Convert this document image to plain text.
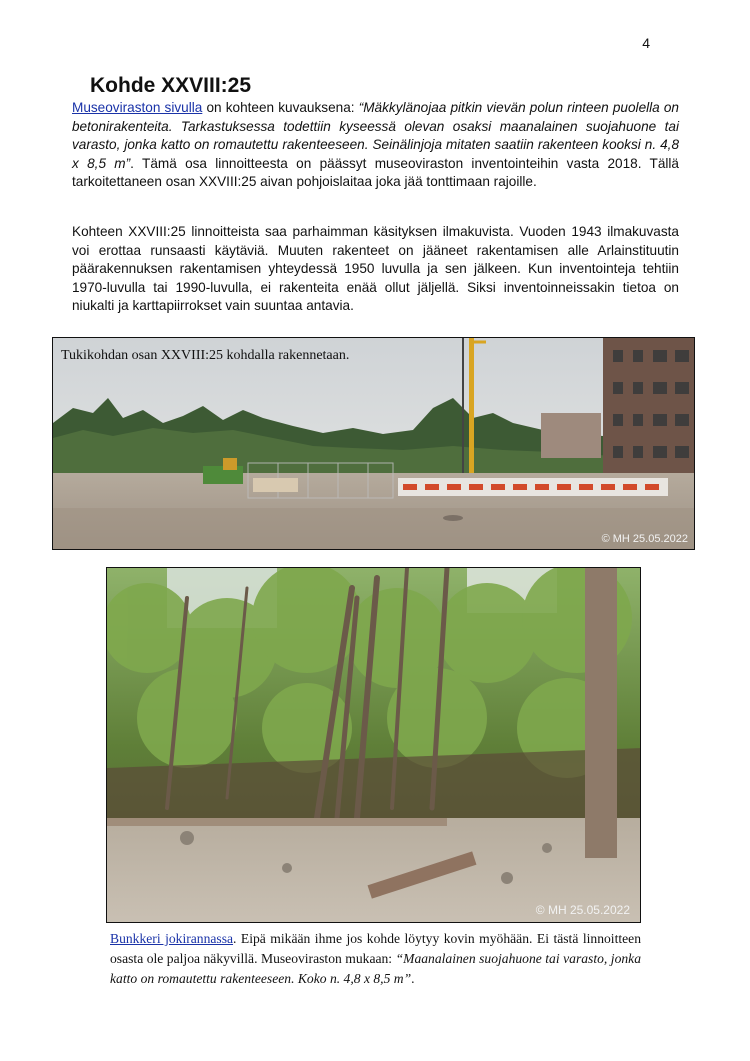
4
Kohde XXVIII:25

Museoviraston sivulla on kohteen kuvauksena: “Mäkkylänojaa pitkin vievän polun rinteen puolella on betonirakenteita. Tarkastuksessa todettiin kyseessä olevan osaksi maanalainen suojahuone tai varasto, jonka katto on romautettu rakenteeseen. Seinälinjoja mitaten saatiin rakenteen kooksi n. 4,8 x 8,5 m”. Tämä osa linnoitteesta on päässyt museoviraston inventointeihin vasta 2018. Tällä tarkoitettaneen osan XXVIII:25 aivan pohjoislaitaa joka jää tonttimaan rajoille.

Kohteen XXVIII:25 linnoitteista saa parhaimman käsityksen ilmakuvista. Vuoden 1943 ilmakuvasta voi erottaa runsaasti käytäviä. Muuten rakenteet on jääneet rakentamisen alle Arlainstituutin päärakennuksen rakentamisen yhteydessä 1950 luvulla ja sen jälkeen. Kun inventointeja tehtiin 1970-luvulla tai 1990-luvulla, ei rakenteita enää ollut jäljellä. Siksi inventoinneissakin tietoa on niukalti ja karttapiirrokset vain suuntaa antavia.

Tukikohdan osan XXVIII:25 kohdalla rakennetaan.
© MH 25.05.2022
© MH 25.05.2022

Bunkkeri jokirannassa. Eipä mikään ihme jos kohde löytyy kovin myöhään. Ei tästä linnoitteen osasta ole paljoa näkyvillä. Museoviraston mukaan: “Maanalainen suojahuone tai varasto, jonka katto on romautettu rakenteeseen. Koko n. 4,8 x 8,5 m”.
